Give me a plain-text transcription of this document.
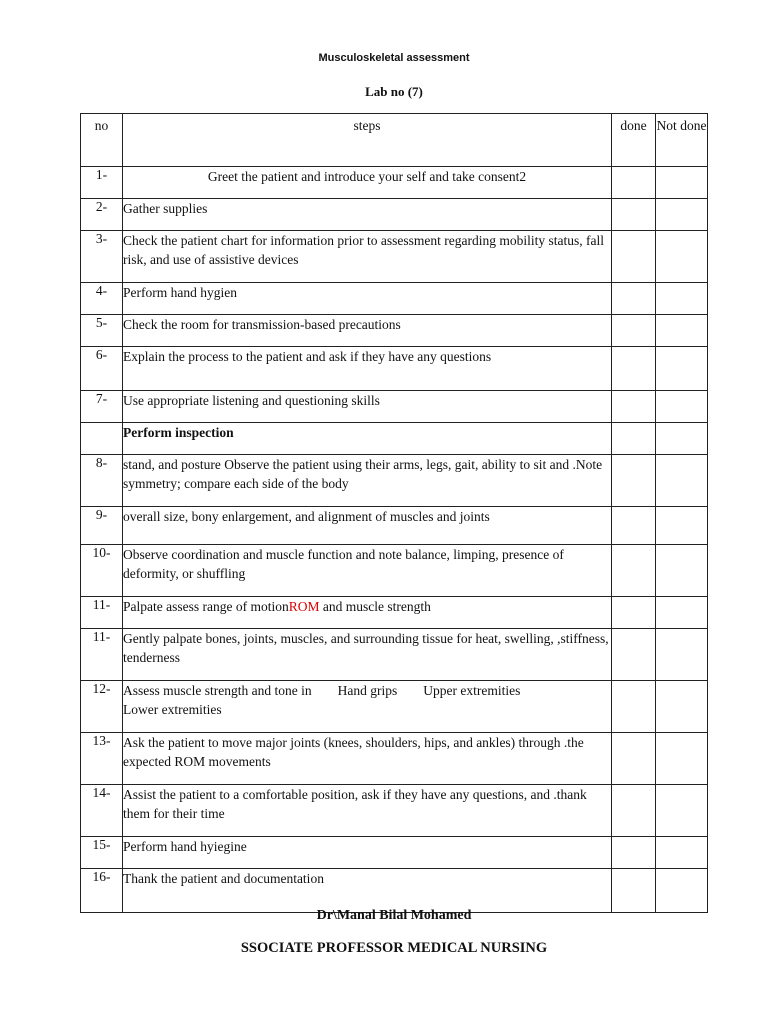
Musculoskeletal assessment
Lab no (7)
no	steps	done	Not done
1-	Greet the patient and introduce your self and take consent2		
2-	Gather supplies		
3-	Check the patient chart for information prior to assessment regarding mobility status, fall risk, and use of assistive devices		
4-	Perform hand hygien		
5-	Check the room for transmission-based precautions		
6-	Explain the process to the patient and ask if they have any questions		
7-	Use appropriate listening and questioning skills		
	Perform inspection		
8-	stand, and posture Observe the patient using their arms, legs, gait, ability to sit and .Note symmetry; compare each side of the body		
9-	overall size, bony enlargement, and alignment of muscles and joints		
10-	Observe coordination and muscle function and note balance, limping, presence of deformity, or shuffling		
11-	Palpate assess range of motionROM and muscle strength		
11-	Gently palpate bones, joints, muscles, and surrounding tissue for heat, swelling, ,stiffness, tenderness		
12-	Assess muscle strength and tone in Hand grips Upper extremities
Lower extremities		
13-	Ask the patient to move major joints (knees, shoulders, hips, and ankles) through .the expected ROM movements		
14-	Assist the patient to a comfortable position, ask if they have any questions, and .thank them for their time		
15-	Perform hand hyiegine		
16-	Thank the patient and documentation		
Dr\Manal Bilal Mohamed
SSOCIATE PROFESSOR MEDICAL NURSING
